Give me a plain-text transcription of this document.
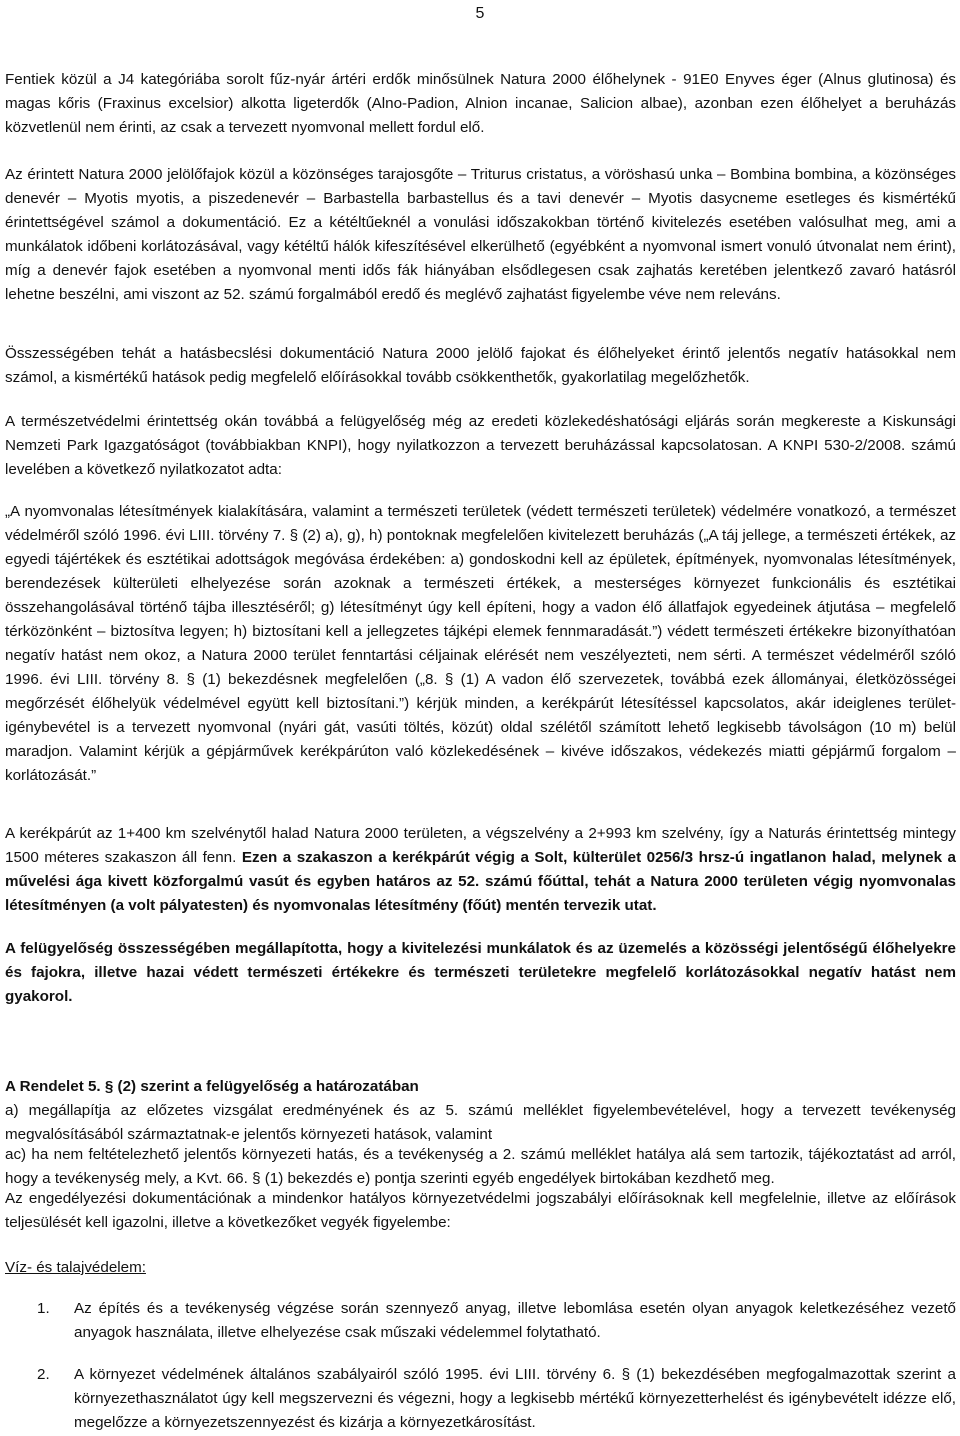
5

Fentiek közül a J4 kategóriába sorolt fűz-nyár ártéri erdők minősülnek Natura 2000 élőhelynek - 91E0 Enyves éger (Alnus glutinosa) és magas kőris (Fraxinus excelsior) alkotta ligeterdők (Alno-Padion, Alnion incanae, Salicion albae), azonban ezen élőhelyet a beruházás közvetlenül nem érinti, az csak a tervezett nyomvonal mellett fordul elő.

Az érintett Natura 2000 jelölőfajok közül a közönséges tarajosgőte – Triturus cristatus, a vöröshasú unka – Bombina bombina, a közönséges denevér – Myotis myotis, a piszedenevér – Barbastella barbastellus és a tavi denevér – Myotis dasycneme esetleges és kismértékű érintettségével számol a dokumentáció. Ez a kétéltűeknél a vonulási időszakokban történő kivitelezés esetében valósulhat meg, ami a munkálatok időbeni korlátozásával, vagy kétéltű hálók kifeszítésével elkerülhető (egyébként a nyomvonal ismert vonuló útvonalat nem érint), míg a denevér fajok esetében a nyomvonal menti idős fák hiányában elsődlegesen csak zajhatás keretében jelentkező zavaró hatásról lehetne beszélni, ami viszont az 52. számú forgalmából eredő és meglévő zajhatást figyelembe véve nem releváns.

Összességében tehát a hatásbecslési dokumentáció Natura 2000 jelölő fajokat és élőhelyeket érintő jelentős negatív hatásokkal nem számol, a kismértékű hatások pedig megfelelő előírásokkal tovább csökkenthetők, gyakorlatilag megelőzhetők.

A természetvédelmi érintettség okán továbbá a felügyelőség még az eredeti közlekedéshatósági eljárás során megkereste a Kiskunsági Nemzeti Park Igazgatóságot (továbbiakban KNPI), hogy nyilatkozzon a tervezett beruházással kapcsolatosan. A KNPI 530-2/2008. számú levelében a következő nyilatkozatot adta:

„A nyomvonalas létesítmények kialakítására, valamint a természeti területek (védett természeti területek) védelmére vonatkozó, a természet védelméről szóló 1996. évi LIII. törvény 7. § (2) a), g), h) pontoknak megfelelően kivitelezett beruházás („A táj jellege, a természeti értékek, az egyedi tájértékek és esztétikai adottságok megóvása érdekében: a) gondoskodni kell az épületek, építmények, nyomvonalas létesítmények, berendezések külterületi elhelyezése során azoknak a természeti értékek, a mesterséges környezet funkcionális és esztétikai összehangolásával történő tájba illesztéséről; g) létesítményt úgy kell építeni, hogy a vadon élő állatfajok egyedeinek átjutása – megfelelő térközönként – biztosítva legyen; h) biztosítani kell a jellegzetes tájképi elemek fennmaradását.”) védett természeti értékekre bizonyíthatóan negatív hatást nem okoz, a Natura 2000 terület fenntartási céljainak elérését nem veszélyezteti, nem sérti. A természet védelméről szóló 1996. évi LIII. törvény 8. § (1) bekezdésnek megfelelően („8. § (1) A vadon élő szervezetek, továbbá ezek állományai, életközösségei megőrzését élőhelyük védelmével együtt kell biztosítani.”) kérjük minden, a kerékpárút létesítéssel kapcsolatos, akár ideiglenes terület-igénybevétel is a tervezett nyomvonal (nyári gát, vasúti töltés, közút) oldal szélétől számított lehető legkisebb távolságon (10 m) belül maradjon. Valamint kérjük a gépjárművek kerékpárúton való közlekedésének – kivéve időszakos, védekezés miatti gépjármű forgalom – korlátozását.”

A kerékpárút az 1+400 km szelvénytől halad Natura 2000 területen, a végszelvény a 2+993 km szelvény, így a Naturás érintettség mintegy 1500 méteres szakaszon áll fenn. Ezen a szakaszon a kerékpárút végig a Solt, külterület 0256/3 hrsz-ú ingatlanon halad, melynek a művelési ága kivett közforgalmú vasút és egyben határos az 52. számú főúttal, tehát a Natura 2000 területen végig nyomvonalas létesítményen (a volt pályatesten) és nyomvonalas létesítmény (főút) mentén tervezik utat.

A felügyelőség összességében megállapította, hogy a kivitelezési munkálatok és az üzemelés a közösségi jelentőségű élőhelyekre és fajokra, illetve hazai védett természeti értékekre és természeti területekre megfelelő korlátozásokkal negatív hatást nem gyakorol.

A Rendelet 5. § (2) szerint a felügyelőség a határozatában

a) megállapítja az előzetes vizsgálat eredményének és az 5. számú melléklet figyelembevételével, hogy a tervezett tevékenység megvalósításából származtatnak-e jelentős környezeti hatások, valamint

ac) ha nem feltételezhető jelentős környezeti hatás, és a tevékenység a 2. számú melléklet hatálya alá sem tartozik, tájékoztatást ad arról, hogy a tevékenység mely, a Kvt. 66. § (1) bekezdés e) pontja szerinti egyéb engedélyek birtokában kezdhető meg.

Az engedélyezési dokumentációnak a mindenkor hatályos környezetvédelmi jogszabályi előírásoknak kell megfelelnie, illetve az előírások teljesülését kell igazolni, illetve a következőket vegyék figyelembe:

Víz- és talajvédelem:

1. Az építés és a tevékenység végzése során szennyező anyag, illetve lebomlása esetén olyan anyagok keletkezéséhez vezető anyagok használata, illetve elhelyezése csak műszaki védelemmel folytatható.

2. A környezet védelmének általános szabályairól szóló 1995. évi LIII. törvény 6. § (1) bekezdésében megfogalmazottak szerint a környezethasználatot úgy kell megszervezni és végezni, hogy a legkisebb mértékű környezetterhelést és igénybevételt idézze elő, megelőzze a környezetszennyezést és kizárja a környezetkárosítást.
